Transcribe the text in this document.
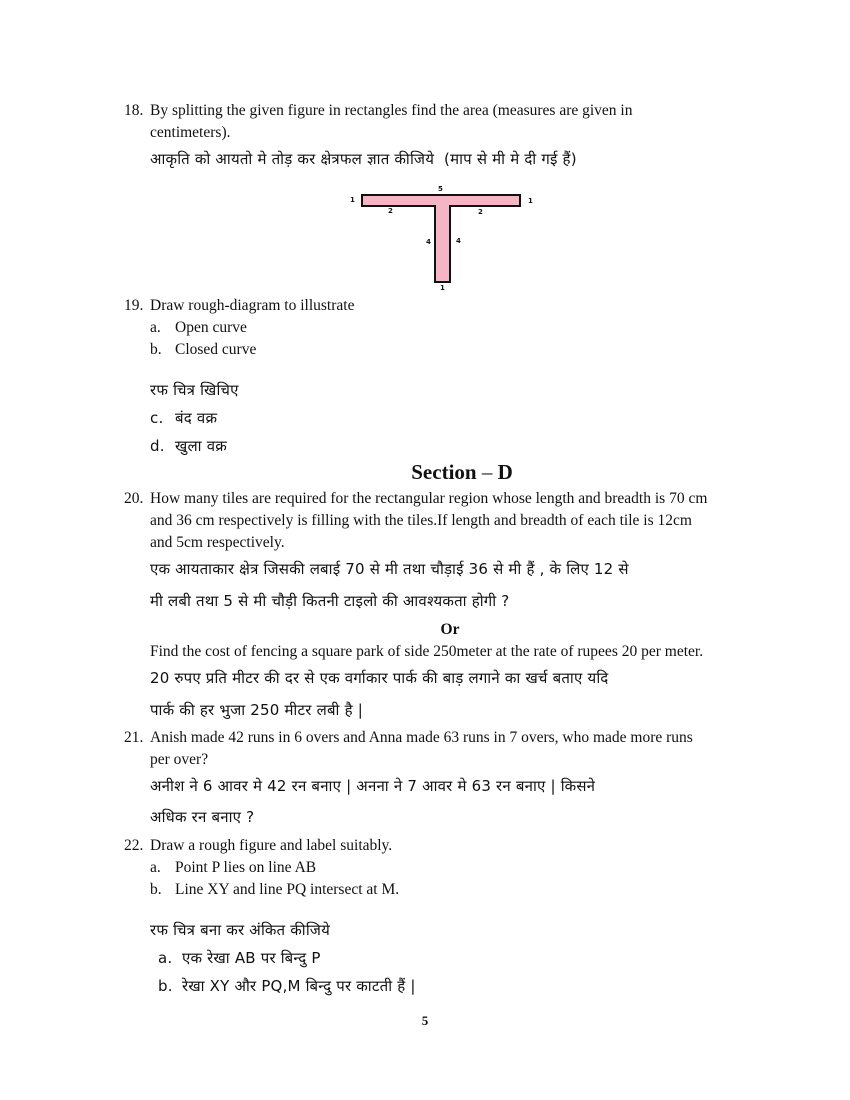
18. By splitting the given figure in rectangles find the area (measures are given in
centimeters).
आकृति को आयतो मे तोड़ कर क्षेत्रफल ज्ञात कीजिये  (माप से मी मे दी गई हैं)
5
1	1
2	2
4	4
1
19. Draw rough-diagram to illustrate
a. Open curve
b. Closed curve
रफ चित्र खिचिए
c. बंद वक्र
d. खुला वक्र
Section – D
20. How many tiles are required for the rectangular region whose length and breadth is 70 cm
and 36 cm respectively is filling with the tiles.If length and breadth of each tile is 12cm
and 5cm respectively.
एक आयताकार क्षेत्र जिसकी लबाई 70 से मी तथा चौड़ाई 36 से मी हैं , के लिए 12 से
मी लबी तथा 5 से मी चौड़ी कितनी टाइलो की आवश्यकता होगी ?
Or
Find the cost of fencing a square park of side 250meter at the rate of rupees 20 per meter.
20 रुपए प्रति मीटर की दर से एक वर्गाकार पार्क की बाड़ लगाने का खर्च बताए यदि
पार्क की हर भुजा 250 मीटर लबी है |
21. Anish made 42 runs in 6 overs and Anna made 63 runs in 7 overs, who made more runs
per over?
अनीश ने 6 आवर मे 42 रन बनाए | अनना ने 7 आवर मे 63 रन बनाए | किसने
अधिक रन बनाए ?
22. Draw a rough figure and label suitably.
a. Point P lies on line AB
b. Line XY and line PQ intersect at M.
रफ चित्र बना कर अंकित कीजिये
a. एक रेखा AB पर बिन्दु P
b. रेखा XY और PQ,M बिन्दु पर काटती हैं |
5
